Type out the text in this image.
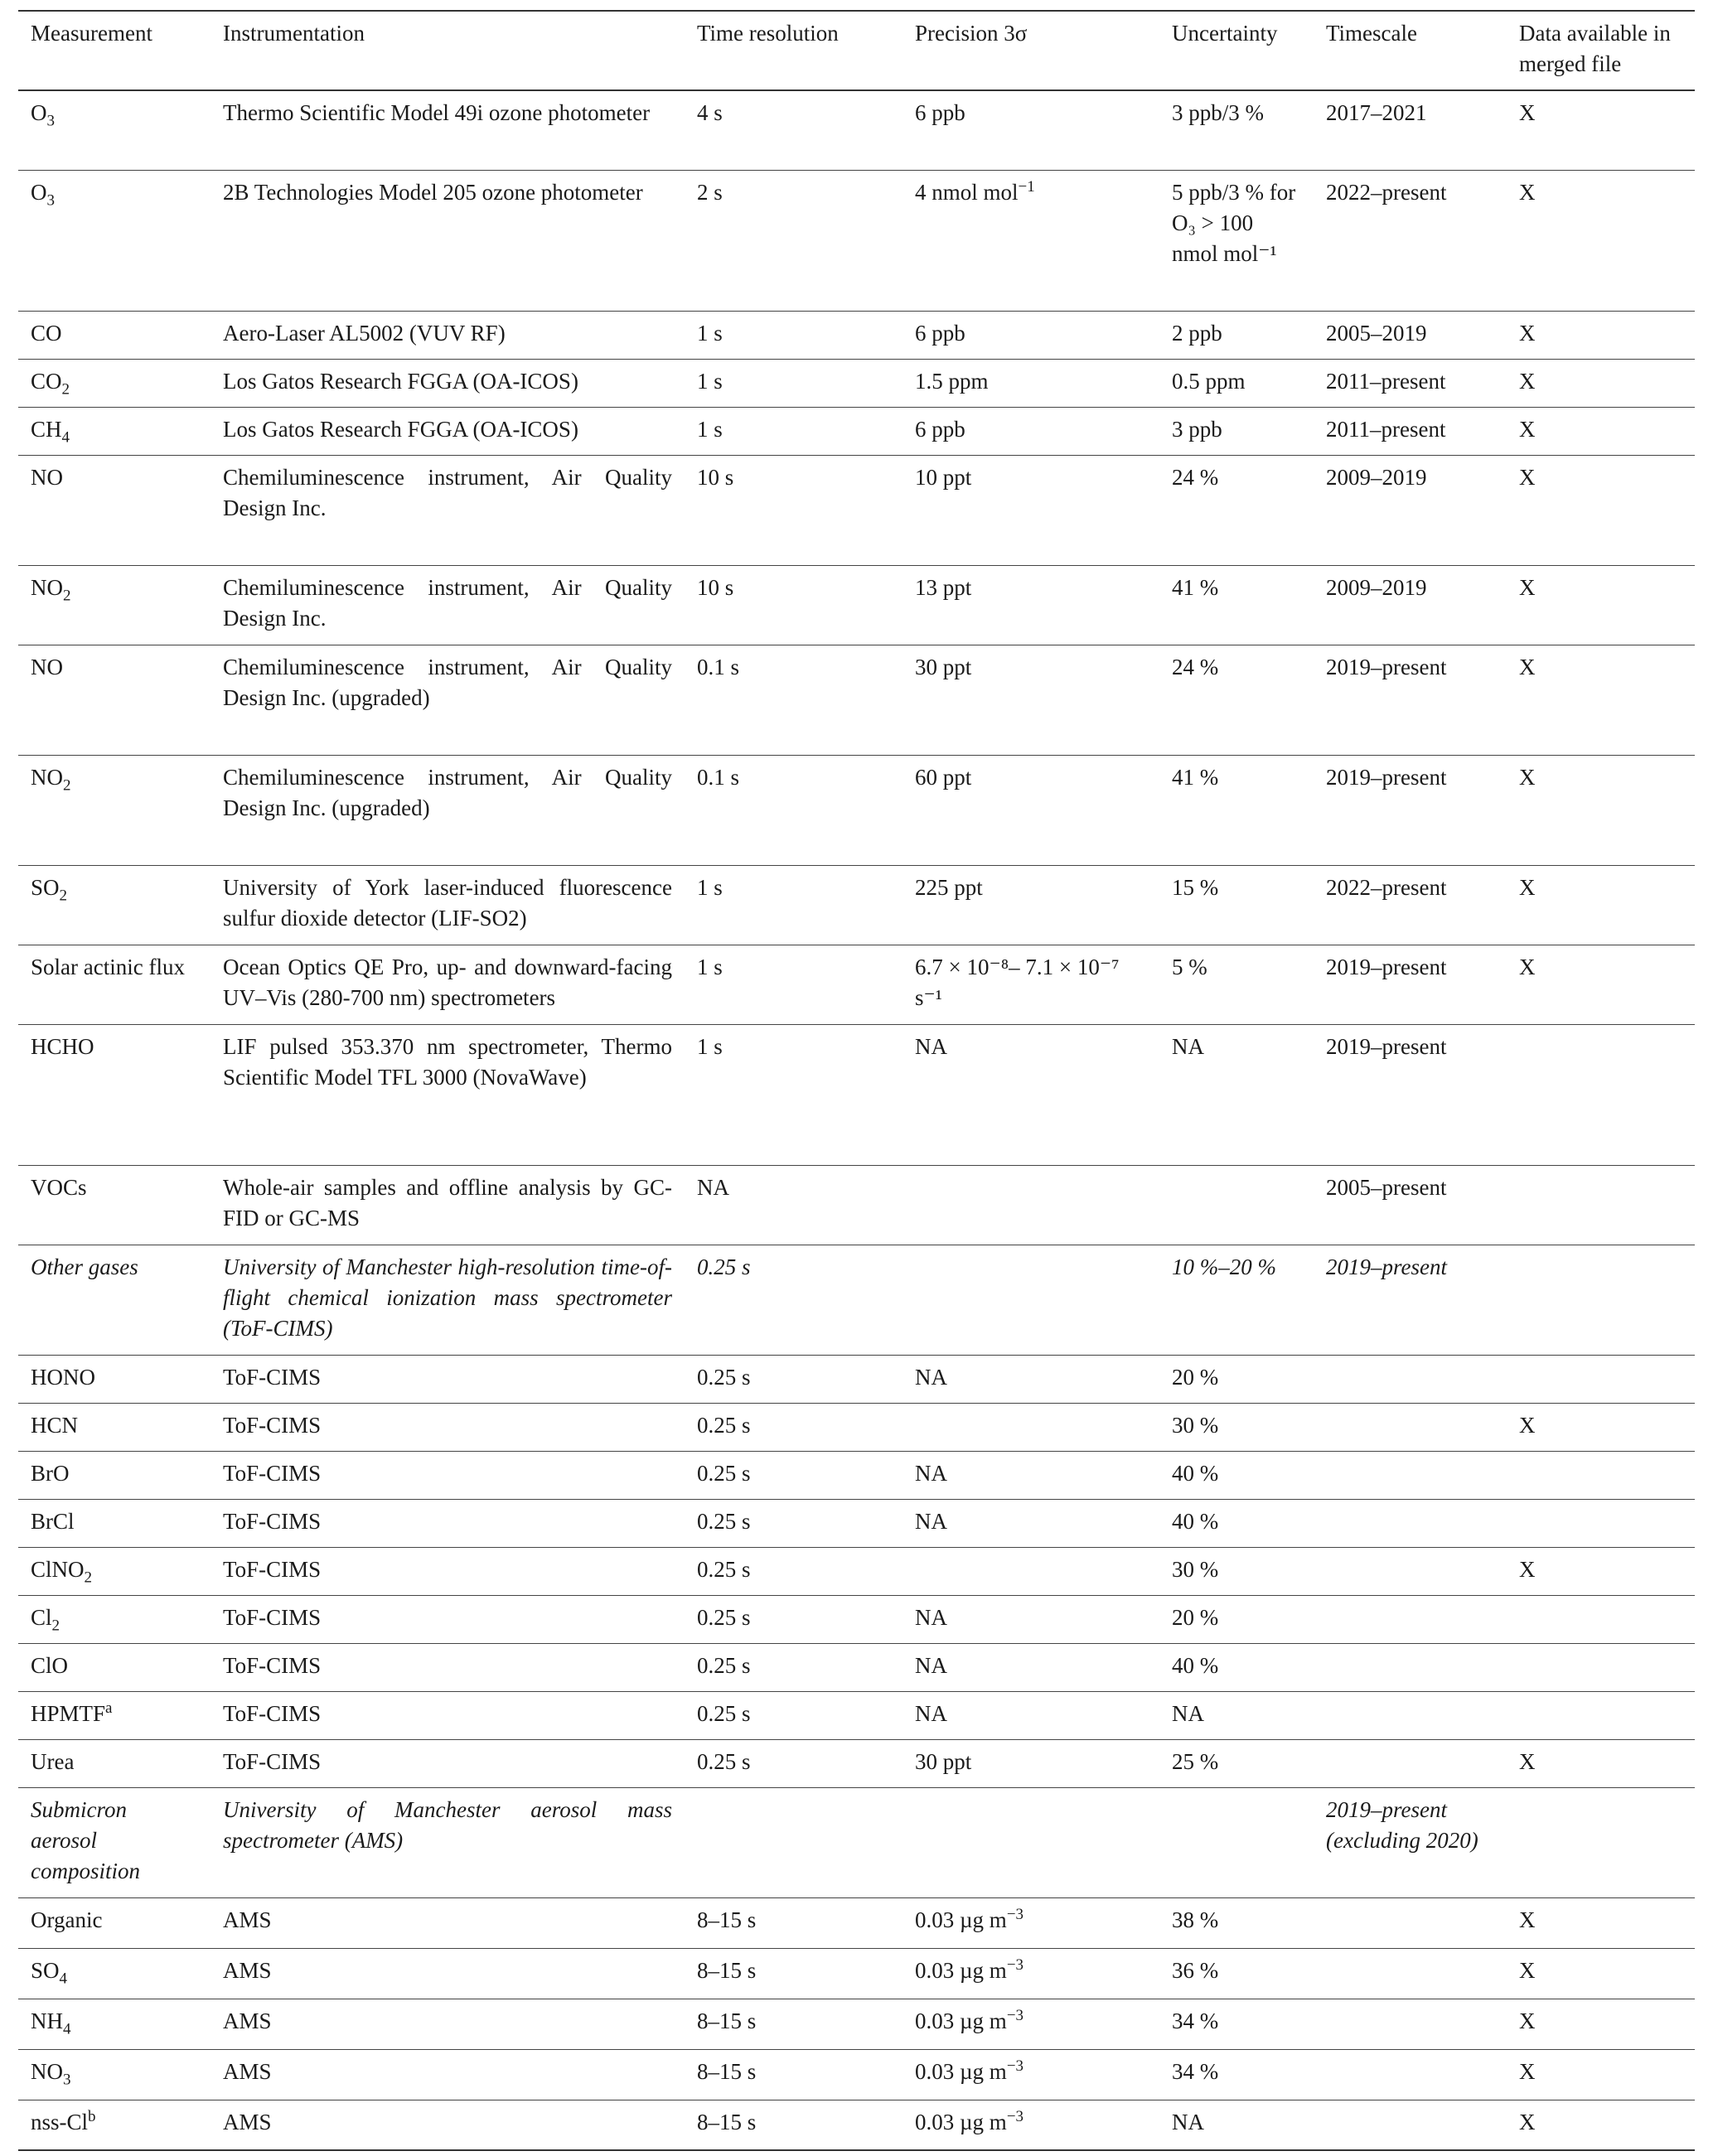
Measurement	Instrumentation	Time resolution	Precision 3σ	Uncertainty	Timescale	Data available in merged file
$O_3$	Thermo Scientific Model 49i ozone photometer	4 s	6 ppb	3 ppb/3 %	2017–2021	X
$O_3$	2B Technologies Model 205 ozone photometer	2 s	4 nmol mol$^{-1}$	5 ppb/3 % for O₃ > 100 nmol mol⁻¹	2022–present	X
CO	Aero-Laser AL5002 (VUV RF)	1 s	6 ppb	2 ppb	2005–2019	X
$CO_2$	Los Gatos Research FGGA (OA-ICOS)	1 s	1.5 ppm	0.5 ppm	2011–present	X
$CH_4$	Los Gatos Research FGGA (OA-ICOS)	1 s	6 ppb	3 ppb	2011–present	X
NO	Chemiluminescence instrument, Air Quality Design Inc.	10 s	10 ppt	24 %	2009–2019	X
$NO_2$	Chemiluminescence instrument, Air Quality Design Inc.	10 s	13 ppt	41 %	2009–2019	X
NO	Chemiluminescence instrument, Air Quality Design Inc. (upgraded)	0.1 s	30 ppt	24 %	2019–present	X
$NO_2$	Chemiluminescence instrument, Air Quality Design Inc. (upgraded)	0.1 s	60 ppt	41 %	2019–present	X
$SO_2$	University of York laser-induced fluorescence sulfur dioxide detector (LIF-SO2)	1 s	225 ppt	15 %	2022–present	X
Solar actinic flux	Ocean Optics QE Pro, up- and downward-facing UV–Vis (280-700 nm) spectrometers	1 s	6.7 × 10⁻⁸– 7.1 × 10⁻⁷ s⁻¹	5 %	2019–present	X
HCHO	LIF pulsed 353.370 nm spectrometer, Thermo Scientific Model TFL 3000 (NovaWave)	1 s	NA	NA	2019–present	
VOCs	Whole-air samples and offline analysis by GC-FID or GC-MS	NA			2005–present	
Other gases	University of Manchester high-resolution time-of-flight chemical ionization mass spectrometer (ToF-CIMS)	0.25 s		10 %–20 %	2019–present	
HONO	ToF-CIMS	0.25 s	NA	20 %		
HCN	ToF-CIMS	0.25 s		30 %		X
BrO	ToF-CIMS	0.25 s	NA	40 %		
BrCl	ToF-CIMS	0.25 s	NA	40 %		
ClNO$_2$	ToF-CIMS	0.25 s		30 %		X
$Cl_2$	ToF-CIMS	0.25 s	NA	20 %		
ClO	ToF-CIMS	0.25 s	NA	40 %		
HPMTF$^a$	ToF-CIMS	0.25 s	NA	NA		
Urea	ToF-CIMS	0.25 s	30 ppt	25 %		X
Submicron aerosol composition	University of Manchester aerosol mass spectrometer (AMS)				2019–present (excluding 2020)	
Organic	AMS	8–15 s	0.03 µg $m^{-3}$	38 %		X
$SO_4$	AMS	8–15 s	0.03 µg $m^{-3}$	36 %		X
$NH_4$	AMS	8–15 s	0.03 µg $m^{-3}$	34 %		X
$NO_3$	AMS	8–15 s	0.03 µg $m^{-3}$	34 %		X
nss-Cl$^b$	AMS	8–15 s	0.03 µg $m^{-3}$	NA		X
